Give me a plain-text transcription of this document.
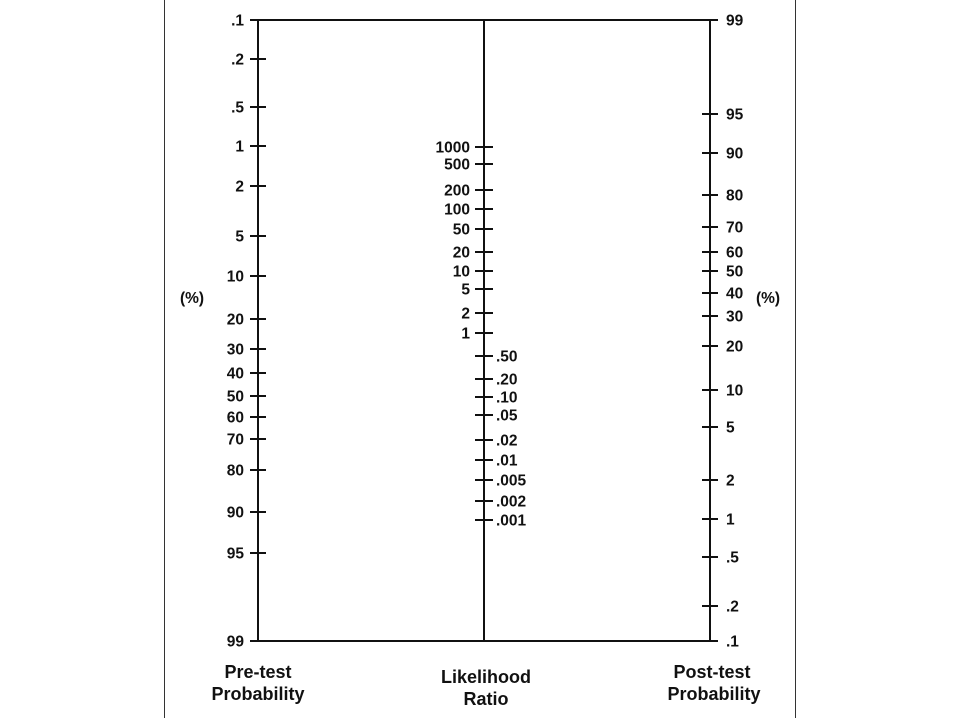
.1
.2
.5
1
2
5
10
20
30
40
50
60
70
80
90
95
99
99
95
90
80
70
60
50
40
30
20
10
5
2
1
.5
.2
.1
1000
500
200
100
50
20
10
5
2
1
.50
.20
.10
.05
.02
.01
.005
.002
.001
(%)	(%)
Pre-test
Probability
Likelihood
Ratio
Post-test
Probability
